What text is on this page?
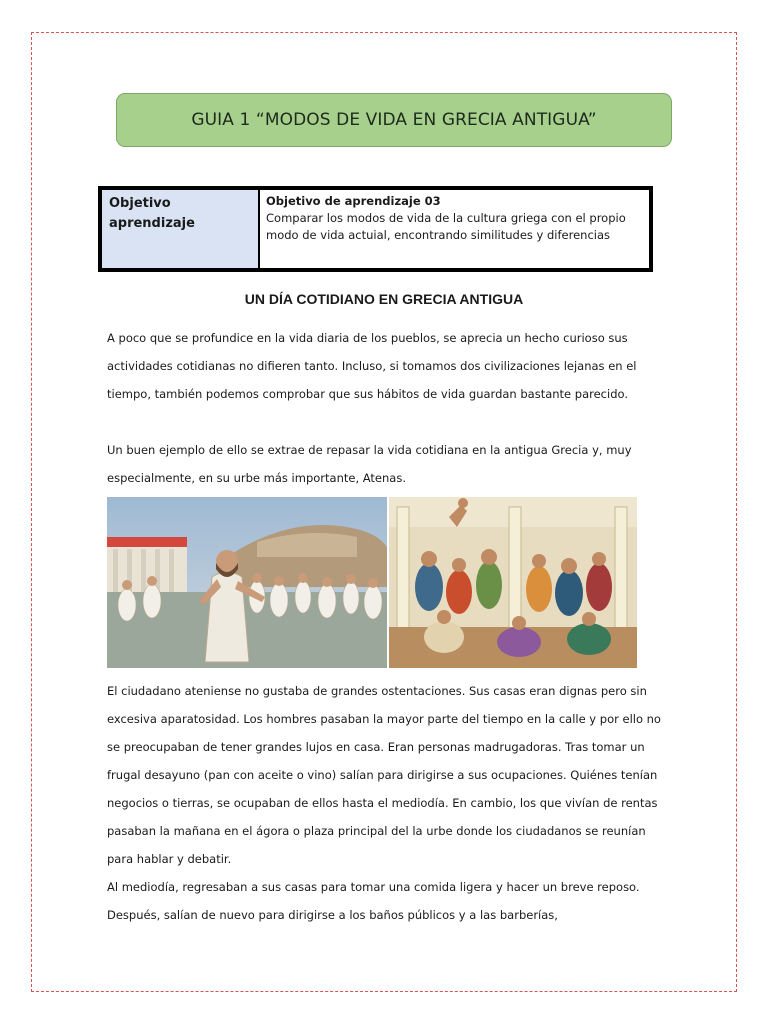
GUIA 1 “MODOS DE VIDA EN GRECIA ANTIGUA”
Objetivo aprendizaje
Objetivo de aprendizaje 03
Comparar los modos de vida de la cultura griega con el propio modo de vida actuial, encontrando similitudes y diferencias
UN DÍA COTIDIANO EN GRECIA ANTIGUA

A poco que se profundice en la vida diaria de los pueblos, se aprecia un hecho curioso sus actividades cotidianas no difieren tanto. Incluso, si tomamos dos civilizaciones lejanas en el tiempo, también podemos comprobar que sus hábitos de vida guardan bastante parecido.

Un buen ejemplo de ello se extrae de repasar la vida cotidiana en la antigua Grecia y, muy especialmente, en su urbe más importante, Atenas.

El ciudadano ateniense no gustaba de grandes ostentaciones. Sus casas eran dignas pero sin excesiva aparatosidad. Los hombres pasaban la mayor parte del tiempo en la calle y por ello no se preocupaban de tener grandes lujos en casa. Eran personas madrugadoras. Tras tomar un frugal desayuno (pan con aceite o vino) salían para dirigirse a sus ocupaciones. Quiénes tenían negocios o tierras, se ocupaban de ellos hasta el mediodía. En cambio, los que vivían de rentas pasaban la mañana en el ágora o plaza principal del la urbe donde los ciudadanos se reunían para hablar y debatir.

Al mediodía, regresaban a sus casas para tomar una comida ligera y hacer un breve reposo. Después, salían de nuevo para dirigirse a los baños públicos y a las barberías,
